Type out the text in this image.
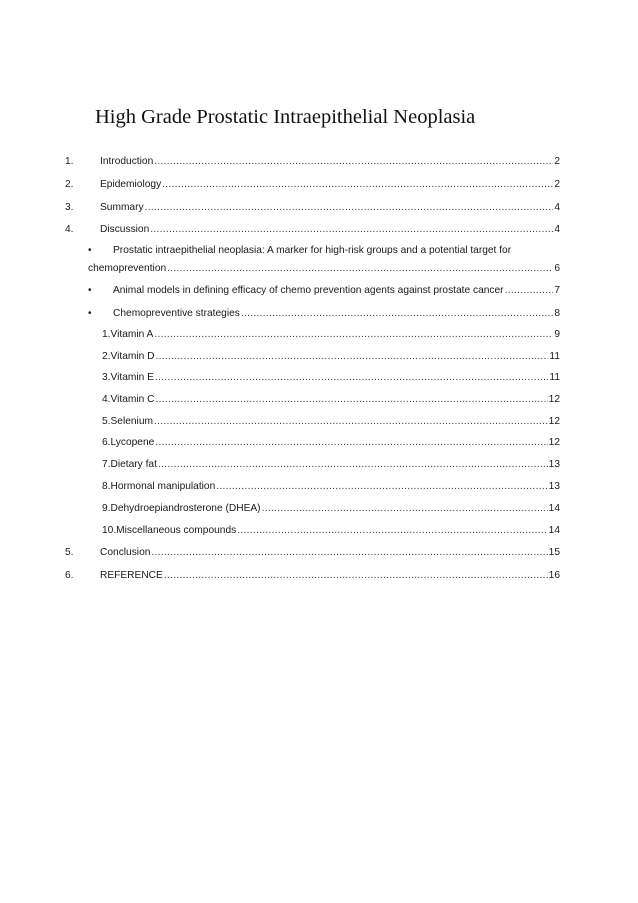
High Grade Prostatic Intraepithelial Neoplasia
1.	Introduction .....	2
2.	Epidemiology .....	2
3.	Summary .....	4
4.	Discussion .....	4
• Prostatic intraepithelial neoplasia: A marker for high-risk groups and a potential target for
chemoprevention .....	6
• Animal models in defining efficacy of chemo prevention agents against prostate cancer .....	7
• Chemopreventive strategies .....	8
1.Vitamin A .....	9
2.Vitamin D .....	11
3.Vitamin E .....	11
4.Vitamin C .....	12
5.Selenium .....	12
6.Lycopene .....	12
7.Dietary fat .....	13
8.Hormonal manipulation .....	13
9.Dehydroepiandrosterone (DHEA) .....	14
10.Miscellaneous compounds .....	14
5.	Conclusion .....	15
6.	REFERENCE .....	16
